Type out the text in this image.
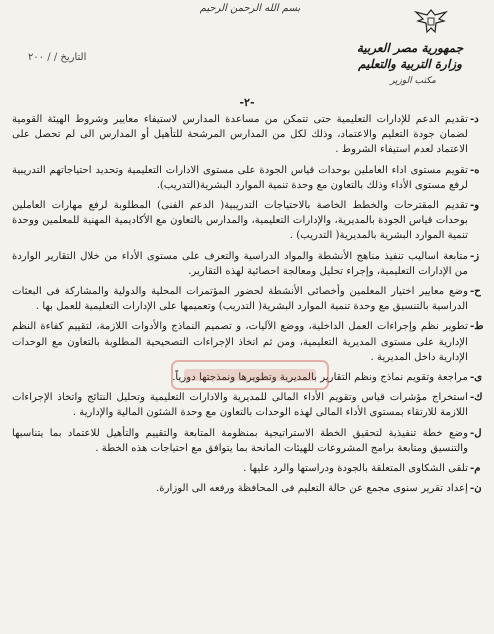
بسم الله الرحمن الرحيم
جمهورية مصر العربية
وزارة التربية والتعليم
مكتب الوزير
التاريخ / / ٢٠٠
-٢-
د-
تقديم الدعم للإدارات التعليمية حتى تتمكن من مساعدة المدارس لاستيفاء معايير وشروط الهيئة القومية لضمان جودة التعليم والاعتماد، وذلك لكل من المدارس المرشحة للتأهيل أو المدارس الى لم تحصل على الاعتماد لعدم استيفاء الشروط .
ه-
تقويم مستوى اداء العاملين بوحدات قياس الجودة على مستوى الادارات التعليمية وتحديد احتياجاتهم التدريبية لرفع مستوى الأداء وذلك بالتعاون مع وحدة تنمية الموارد البشرية(التدريب).
و-
تقديم المقترحات والخطط الخاصة بالاحتياجات التدريبية( الدعم الفنى) المطلوبة لرفع مهارات العاملين بوحدات قياس الجودة بالمديرية، والإدارات التعليمية، والمدارس بالتعاون مع الأكاديمية المهنية للمعلمين ووحدة تنمية الموارد البشرية بالمديرية( التدريب) .
ز-
متابعة اساليب تنفيذ مناهج الأنشطة والمواد الدراسية والتعرف على مستوى الأداء من خلال التقارير الواردة من الإدارات التعليمية، وإجراء تحليل ومعالجة احصائية لهذه التقارير.
ح-
وضع معايير اختيار المعلمين وأخصائى الأنشطة لحضور المؤتمرات المحلية والدولية والمشاركة فى البعثات الدراسية بالتنسيق مع وحدة تنمية الموارد البشرية( التدريب) وتعميمها على الإدارات التعليمية للعمل بها .
ط-
تطوير نظم وإجراءات العمل الداخلية، ووضع الآليات، و تصميم النماذج والأدوات اللازمة، لتقييم كفاءة النظم الإدارية على مستوى المديرية التعليمية، ومن ثم اتخاذ الإجراءات التصحيحية المطلوبة بالتعاون مع الوحدات الإدارية داخل المديرية .
ى-
مراجعة وتقويم نماذج ونظم التقارير بالمديرية وتطويرها ونمذجتها دورياً.
ك-
استخراج مؤشرات قياس وتقويم الأداء المالى للمديرية والادارات التعليمية وتحليل النتائج واتخاذ الإجراءات اللازمة للارتقاء بمستوى الأداء المالى لهذه الوحدات بالتعاون مع وحدة الشئون المالية والإدارية .
ل-
وضع خطة تنفيذية لتحقيق الخطة الاستراتيجية بمنظومة المتابعة والتقييم والتأهيل للاعتماد بما يتناسبها والتنسيق ومتابعة برامج المشروعات للهيئات المانحة بما يتوافق مع احتياجات هذه الخطة .
م-
تلقى الشكاوى المتعلقة بالجودة ودراستها والرد عليها .
ن-
إعداد تقرير سنوى مجمع عن حالة التعليم فى المحافظة ورفعه الى الوزارة.
